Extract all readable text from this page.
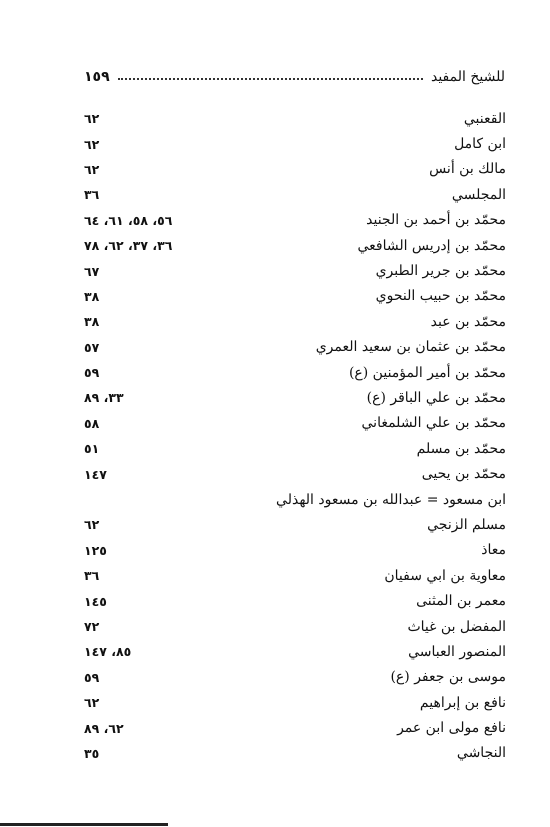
للشيخ المفيد
١٥٩
القعنبي
٦٢
ابن كامل
٦٢
مالك بن أنس
٦٢
المجلسي
٣٦
محمّد بن أحمد بن الجنيد
٥٦، ٥٨، ٦١، ٦٤
محمّد بن إدريس الشافعي
٣٦، ٣٧، ٦٢، ٧٨
محمّد بن جرير الطبري
٦٧
محمّد بن حبيب النحوي
٣٨
محمّد بن عبد
٣٨
محمّد بن عثمان بن سعيد العمري
٥٧
محمّد بن أمير المؤمنين (ع)
٥٩
محمّد بن علي الباقر (ع)
٣٣، ٨٩
محمّد بن علي الشلمغاني
٥٨
محمّد بن مسلم
٥١
محمّد بن يحيى
١٤٧
ابن مسعود = عبدالله بن مسعود الهذلي
مسلم الزنجي
٦٢
معاذ
١٢٥
معاوية بن ابي سفيان
٣٦
معمر بن المثنى
١٤٥
المفضل بن غياث
٧٢
المنصور العباسي
٨٥، ١٤٧
موسى بن جعفر (ع)
٥٩
نافع بن إبراهيم
٦٢
نافع مولى ابن عمر
٦٢، ٨٩
النجاشي
٣٥
